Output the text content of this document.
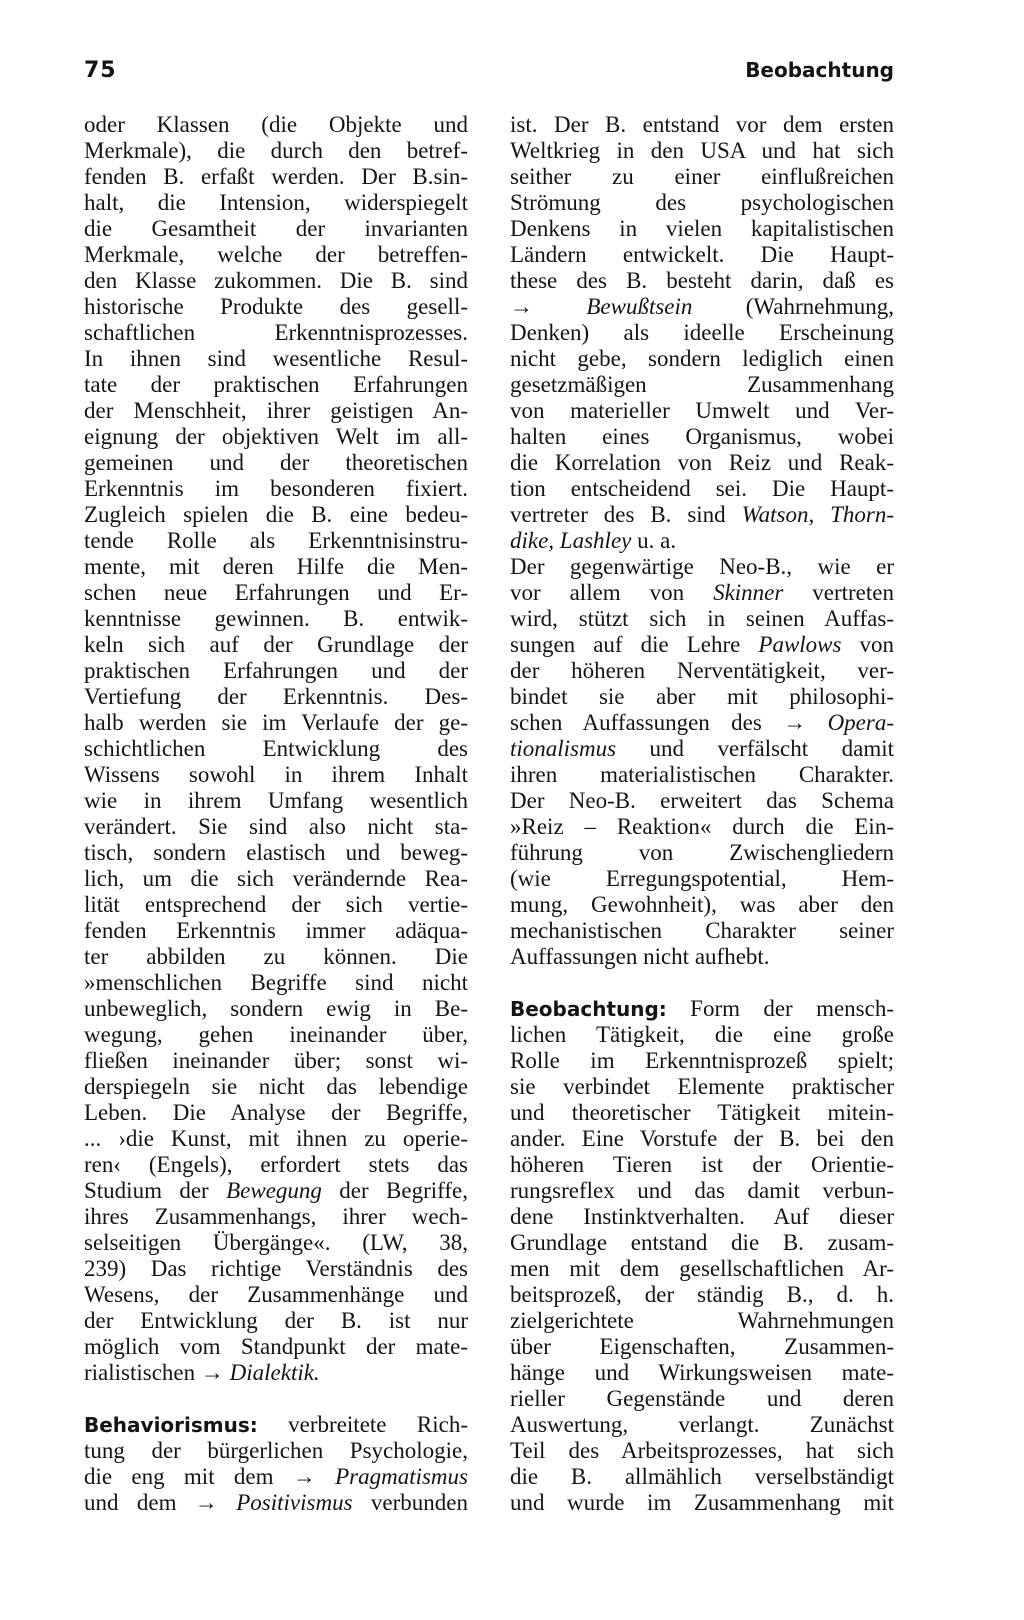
75	Beobachtung
oder Klassen (die Objekte und
Merkmale), die durch den betref-
fenden B. erfaßt werden. Der B.sin-
halt, die Intension, widerspiegelt
die Gesamtheit der invarianten
Merkmale, welche der betreffen-
den Klasse zukommen. Die B. sind
historische Produkte des gesell-
schaftlichen Erkenntnisprozesses.
In ihnen sind wesentliche Resul-
tate der praktischen Erfahrungen
der Menschheit, ihrer geistigen An-
eignung der objektiven Welt im all-
gemeinen und der theoretischen
Erkenntnis im besonderen fixiert.
Zugleich spielen die B. eine bedeu-
tende Rolle als Erkenntnisinstru-
mente, mit deren Hilfe die Men-
schen neue Erfahrungen und Er-
kenntnisse gewinnen. B. entwik-
keln sich auf der Grundlage der
praktischen Erfahrungen und der
Vertiefung der Erkenntnis. Des-
halb werden sie im Verlaufe der ge-
schichtlichen Entwicklung des
Wissens sowohl in ihrem Inhalt
wie in ihrem Umfang wesentlich
verändert. Sie sind also nicht sta-
tisch, sondern elastisch und beweg-
lich, um die sich verändernde Rea-
lität entsprechend der sich vertie-
fenden Erkenntnis immer adäqua-
ter abbilden zu können. Die
»menschlichen Begriffe sind nicht
unbeweglich, sondern ewig in Be-
wegung, gehen ineinander über,
fließen ineinander über; sonst wi-
derspiegeln sie nicht das lebendige
Leben. Die Analyse der Begriffe,
... ›die Kunst, mit ihnen zu operie-
ren‹ (Engels), erfordert stets das
Studium der Bewegung der Begriffe,
ihres Zusammenhangs, ihrer wech-
selseitigen Übergänge«. (LW, 38,
239) Das richtige Verständnis des
Wesens, der Zusammenhänge und
der Entwicklung der B. ist nur
möglich vom Standpunkt der mate-
rialistischen → Dialektik.
Behaviorismus: verbreitete Rich-
tung der bürgerlichen Psychologie,
die eng mit dem → Pragmatismus
und dem → Positivismus verbunden
ist. Der B. entstand vor dem ersten
Weltkrieg in den USA und hat sich
seither zu einer einflußreichen
Strömung des psychologischen
Denkens in vielen kapitalistischen
Ländern entwickelt. Die Haupt-
these des B. besteht darin, daß es
→ Bewußtsein (Wahrnehmung,
Denken) als ideelle Erscheinung
nicht gebe, sondern lediglich einen
gesetzmäßigen Zusammenhang
von materieller Umwelt und Ver-
halten eines Organismus, wobei
die Korrelation von Reiz und Reak-
tion entscheidend sei. Die Haupt-
vertreter des B. sind Watson, Thorn-
dike, Lashley u. a.
Der gegenwärtige Neo-B., wie er
vor allem von Skinner vertreten
wird, stützt sich in seinen Auffas-
sungen auf die Lehre Pawlows von
der höheren Nerventätigkeit, ver-
bindet sie aber mit philosophi-
schen Auffassungen des → Opera-
tionalismus und verfälscht damit
ihren materialistischen Charakter.
Der Neo-B. erweitert das Schema
»Reiz – Reaktion« durch die Ein-
führung von Zwischengliedern
(wie Erregungspotential, Hem-
mung, Gewohnheit), was aber den
mechanistischen Charakter seiner
Auffassungen nicht aufhebt.
Beobachtung: Form der mensch-
lichen Tätigkeit, die eine große
Rolle im Erkenntnisprozeß spielt;
sie verbindet Elemente praktischer
und theoretischer Tätigkeit mitein-
ander. Eine Vorstufe der B. bei den
höheren Tieren ist der Orientie-
rungsreflex und das damit verbun-
dene Instinktverhalten. Auf dieser
Grundlage entstand die B. zusam-
men mit dem gesellschaftlichen Ar-
beitsprozeß, der ständig B., d. h.
zielgerichtete Wahrnehmungen
über Eigenschaften, Zusammen-
hänge und Wirkungsweisen mate-
rieller Gegenstände und deren
Auswertung, verlangt. Zunächst
Teil des Arbeitsprozesses, hat sich
die B. allmählich verselbständigt
und wurde im Zusammenhang mit
